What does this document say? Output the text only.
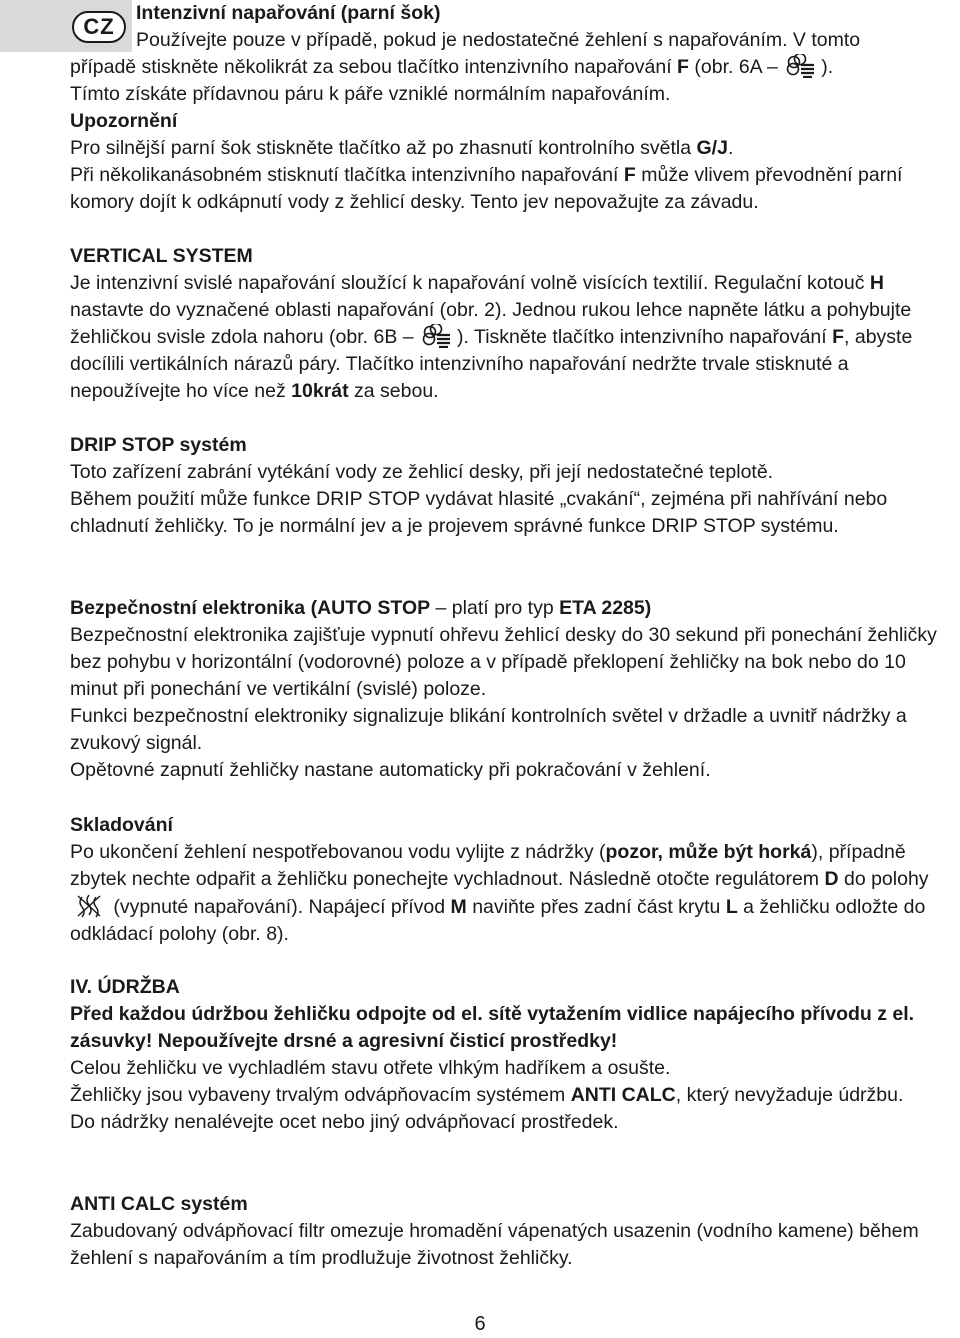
CZ

Intenzivní napařování (parní šok)

Používejte pouze v případě, pokud je nedostatečné žehlení s napařováním. V tomto

případě stiskněte několikrát za sebou tlačítko intenzivního napařování F (obr. 6A – ).

Tímto získáte přídavnou páru k páře vzniklé normálním napařováním.

Upozornění

Pro silnější parní šok stiskněte tlačítko až po zhasnutí kontrolního světla G/J.

Při několikanásobném stisknutí tlačítka intenzivního napařování F může vlivem převodnění parní komory dojít k odkápnutí vody z žehlicí desky. Tento jev nepovažujte za závadu.

VERTICAL SYSTEM

Je intenzivní svislé napařování sloužící k napařování volně visících textilií. Regulační kotouč H nastavte do vyznačené oblasti napařování (obr. 2). Jednou rukou lehce napněte látku a pohybujte žehličkou svisle zdola nahoru (obr. 6B – ). Tiskněte tlačítko intenzivního napařování F, abyste docílili vertikálních nárazů páry. Tlačítko intenzivního napařování nedržte trvale stisknuté a nepoužívejte ho více než 10krát za sebou.

DRIP STOP systém

Toto zařízení zabrání vytékání vody ze žehlicí desky, při její nedostatečné teplotě.

Během použití může funkce DRIP STOP vydávat hlasité „cvakání“, zejména při nahřívání nebo chladnutí žehličky. To je normální jev a je projevem správné funkce DRIP STOP systému.

Bezpečnostní elektronika (AUTO STOP – platí pro typ ETA 2285)

Bezpečnostní elektronika zajišťuje vypnutí ohřevu žehlicí desky do 30 sekund při ponechání žehličky bez pohybu v horizontální (vodorovné) poloze a v případě překlopení žehličky na bok nebo do 10 minut při ponechání ve vertikální (svislé) poloze.

Funkci bezpečnostní elektroniky signalizuje blikání kontrolních světel v držadle a uvnitř nádržky a zvukový signál.

Opětovné zapnutí žehličky nastane automaticky při pokračování v žehlení.

Skladování

Po ukončení žehlení nespotřebovanou vodu vylijte z nádržky (pozor, může být horká), případně zbytek nechte odpařit a žehličku ponechejte vychladnout. Následně otočte regulátorem D do polohy  (vypnuté napařování). Napájecí přívod M naviňte přes zadní část krytu L a žehličku odložte do odkládací polohy (obr. 8).

IV. ÚDRŽBA

Před každou údržbou žehličku odpojte od el. sítě vytažením vidlice napájecího přívodu z el. zásuvky! Nepoužívejte drsné a agresivní čisticí prostředky!

Celou žehličku ve vychladlém stavu otřete vlhkým hadříkem a osušte.

Žehličky jsou vybaveny trvalým odvápňovacím systémem ANTI CALC, který nevyžaduje údržbu.

Do nádržky nenalévejte ocet nebo jiný odvápňovací prostředek.

ANTI CALC systém

Zabudovaný odvápňovací filtr omezuje hromadění vápenatých usazenin (vodního kamene) během žehlení s napařováním a tím prodlužuje životnost žehličky.

6
